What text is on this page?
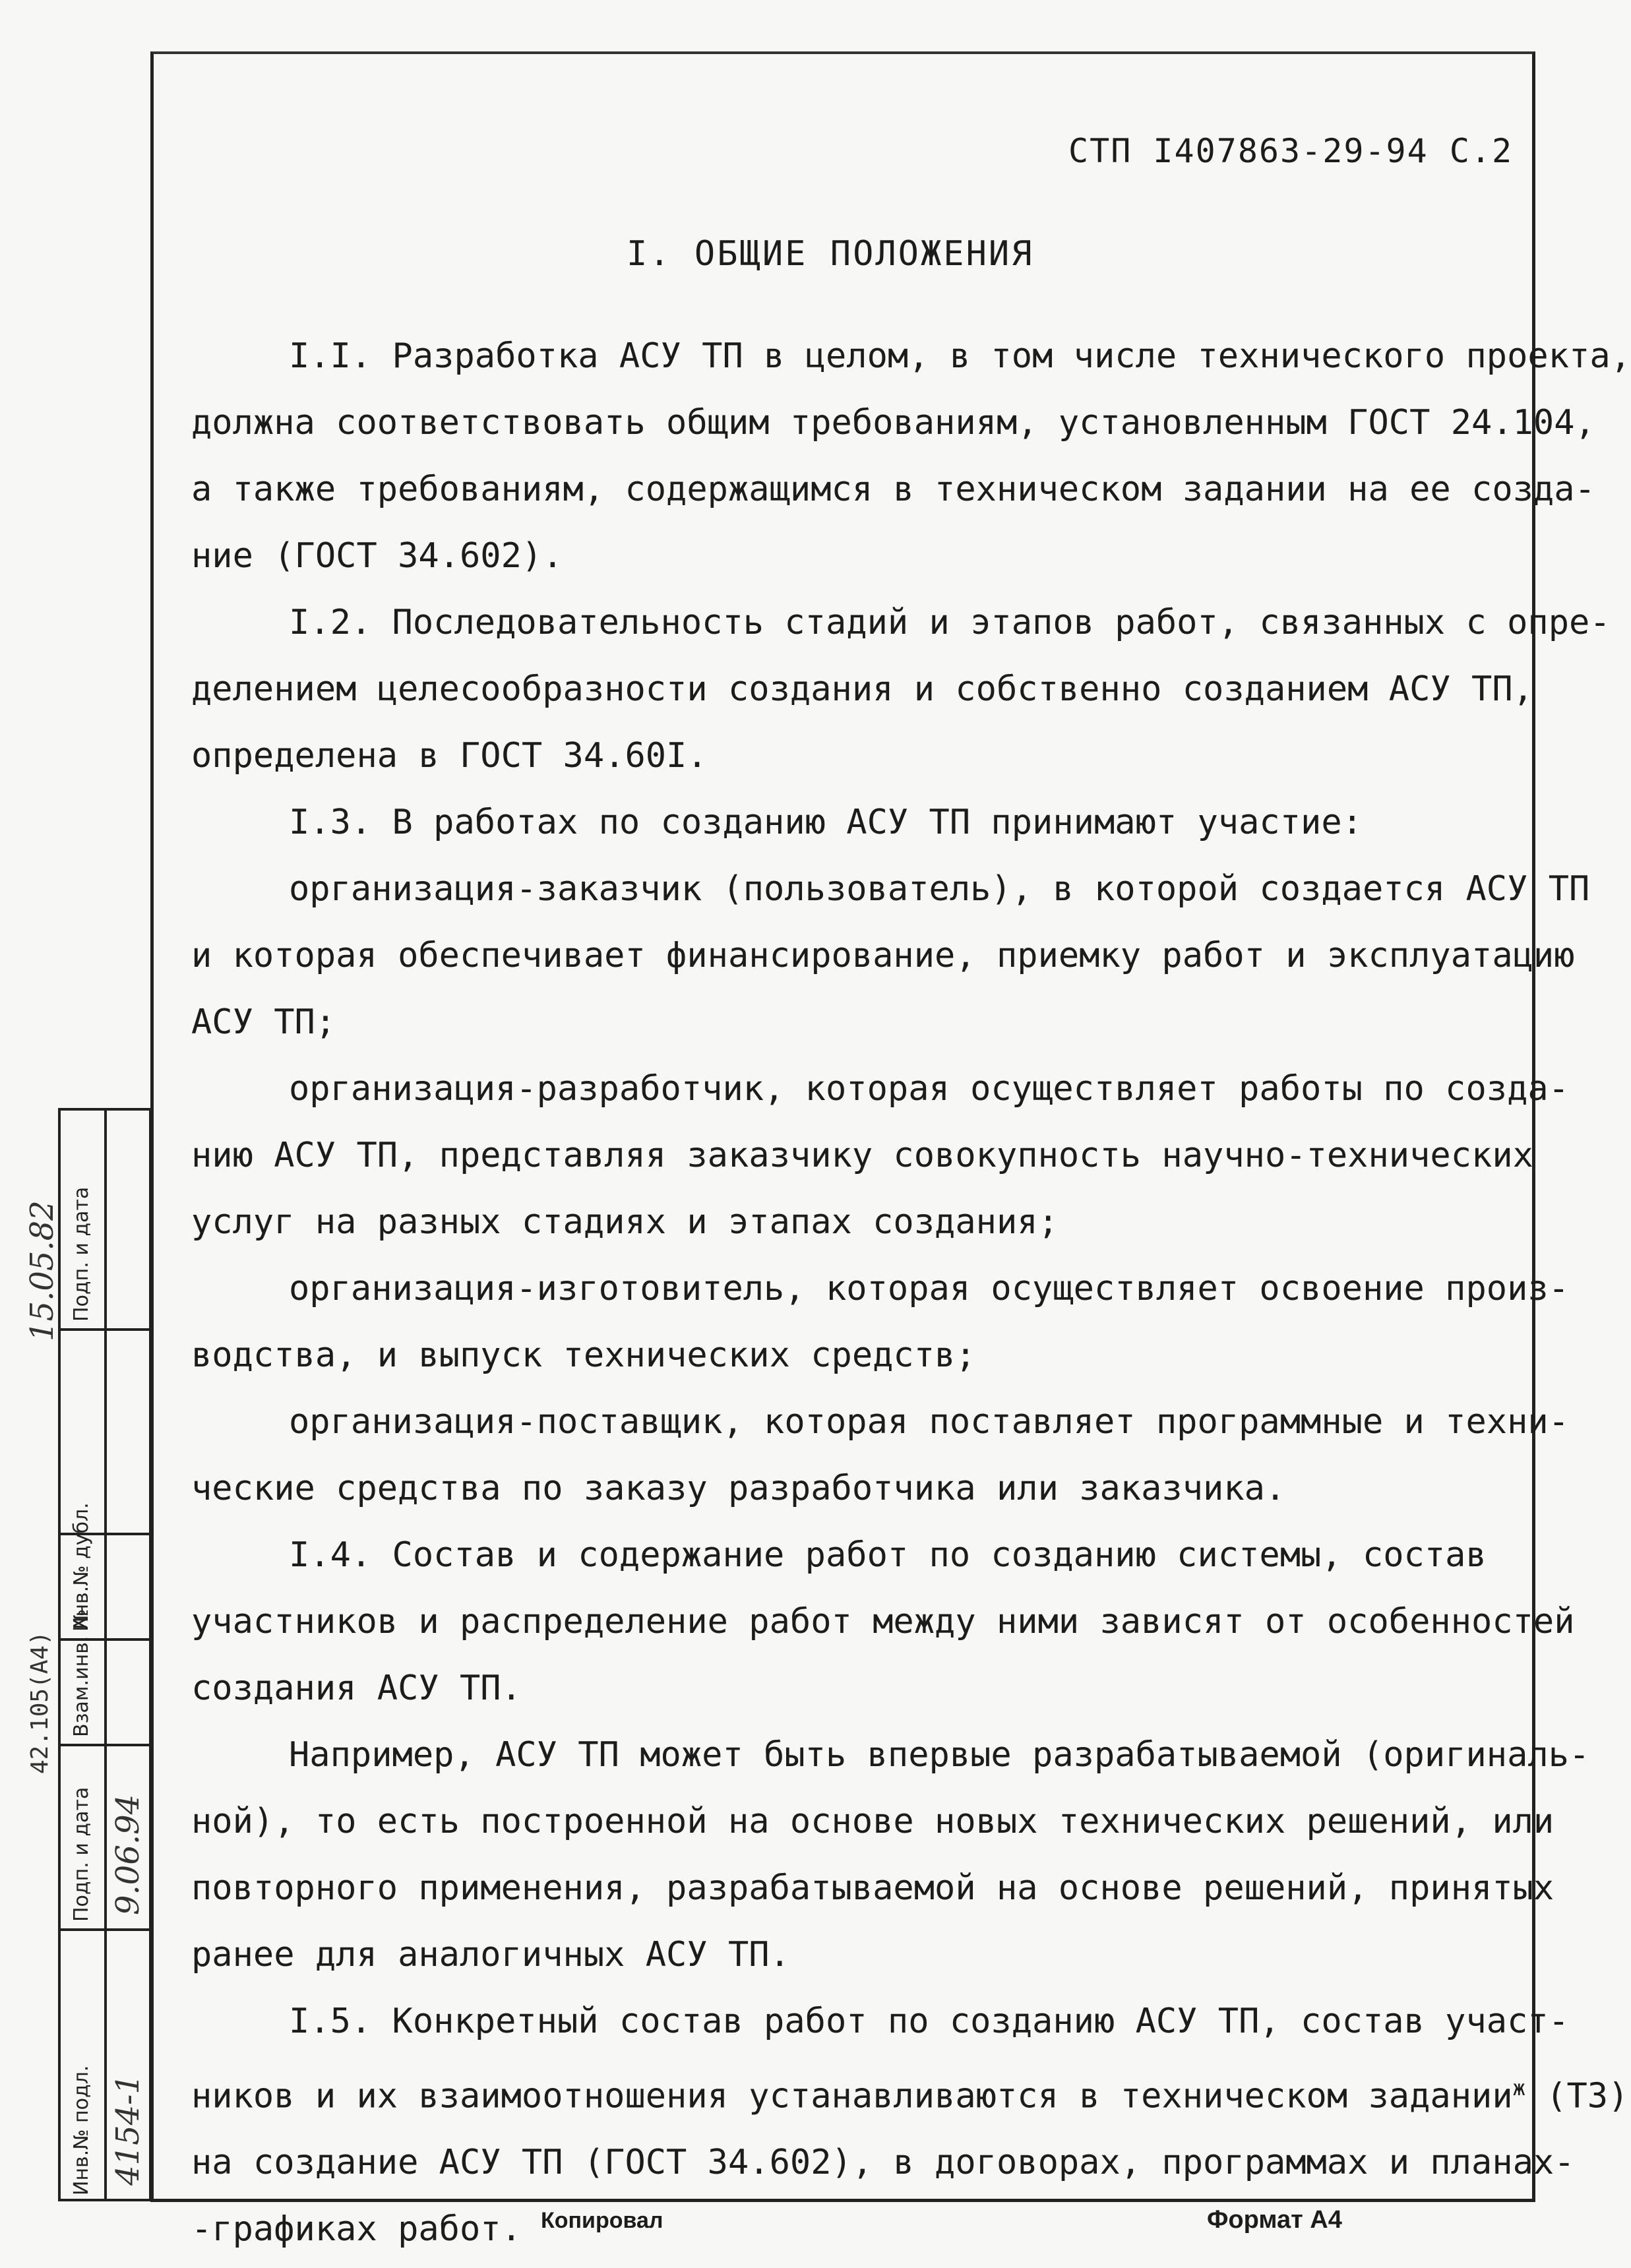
СТП I407863-29-94 С.2
I. ОБЩИЕ ПОЛОЖЕНИЯ
I.I. Разработка АСУ ТП в целом, в том числе технического проекта,
должна соответствовать общим требованиям, установленным ГОСТ 24.104,
а также требованиям, содержащимся в техническом задании на ее созда-
ние (ГОСТ 34.602).
I.2. Последовательность стадий и этапов работ, связанных с опре-
делением целесообразности создания и собственно созданием АСУ ТП,
определена в ГОСТ 34.60I.
I.3. В работах по созданию АСУ ТП принимают участие:
организация-заказчик (пользователь), в которой создается АСУ ТП
и которая обеспечивает финансирование, приемку работ и эксплуатацию
АСУ ТП;
организация-разработчик, которая осуществляет работы по созда-
нию АСУ ТП, представляя заказчику совокупность научно-технических
услуг на разных стадиях и этапах создания;
организация-изготовитель, которая осуществляет освоение произ-
водства, и выпуск технических средств;
организация-поставщик, которая поставляет программные и техни-
ческие средства по заказу разработчика или заказчика.
I.4. Состав и содержание работ по созданию системы, состав
участников и распределение работ между ними зависят от особенностей
создания АСУ ТП.
Например, АСУ ТП может быть впервые разрабатываемой (оригиналь-
ной), то есть построенной на основе новых технических решений, или
повторного применения, разрабатываемой на основе решений, принятых
ранее для аналогичных АСУ ТП.
I.5. Конкретный состав работ по созданию АСУ ТП, состав участ-
ников и их взаимоотношения устанавливаются в техническом задании$^ж$ (ТЗ)
на создание АСУ ТП (ГОСТ 34.602), в договорах, программах и планах-
-графиках работ.
Инв.№ подл.
Подп. и дата
Взам.инв. №
Инв.№ дубл.
Подп. и дата
4154-1
9.06.94
15.05.82
42.105(А4)
Копировал	Формат А4
